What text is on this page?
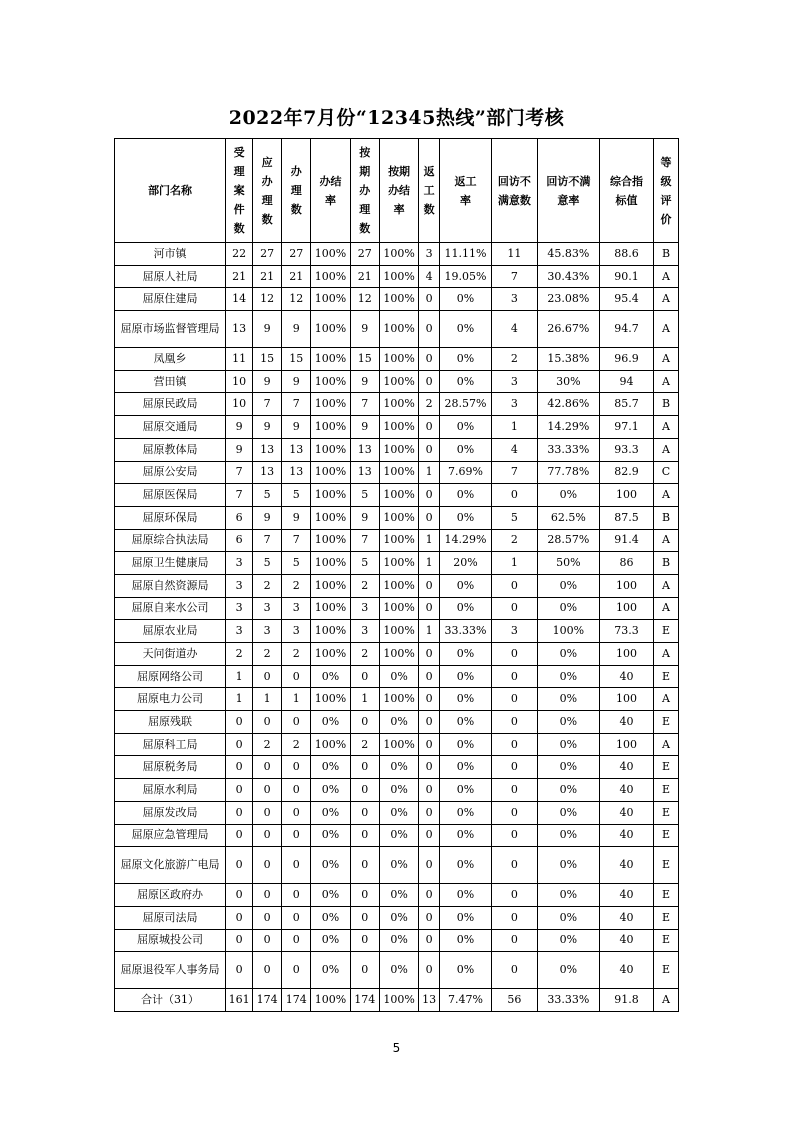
2022年7月份“12345热线”部门考核
部门名称	受理案件数	应办理数	办理数	办结率	按期办理数	按期办结率	返工数	返工率	回访不满意数	回访不满意率	综合指标值	等级评价
河市镇	22	27	27	100%	27	100%	3	11.11%	11	45.83%	88.6	B
屈原人社局	21	21	21	100%	21	100%	4	19.05%	7	30.43%	90.1	A
屈原住建局	14	12	12	100%	12	100%	0	0%	3	23.08%	95.4	A
屈原市场监督管理局	13	9	9	100%	9	100%	0	0%	4	26.67%	94.7	A
凤凰乡	11	15	15	100%	15	100%	0	0%	2	15.38%	96.9	A
营田镇	10	9	9	100%	9	100%	0	0%	3	30%	94	A
屈原民政局	10	7	7	100%	7	100%	2	28.57%	3	42.86%	85.7	B
屈原交通局	9	9	9	100%	9	100%	0	0%	1	14.29%	97.1	A
屈原教体局	9	13	13	100%	13	100%	0	0%	4	33.33%	93.3	A
屈原公安局	7	13	13	100%	13	100%	1	7.69%	7	77.78%	82.9	C
屈原医保局	7	5	5	100%	5	100%	0	0%	0	0%	100	A
屈原环保局	6	9	9	100%	9	100%	0	0%	5	62.5%	87.5	B
屈原综合执法局	6	7	7	100%	7	100%	1	14.29%	2	28.57%	91.4	A
屈原卫生健康局	3	5	5	100%	5	100%	1	20%	1	50%	86	B
屈原自然资源局	3	2	2	100%	2	100%	0	0%	0	0%	100	A
屈原自来水公司	3	3	3	100%	3	100%	0	0%	0	0%	100	A
屈原农业局	3	3	3	100%	3	100%	1	33.33%	3	100%	73.3	E
天问街道办	2	2	2	100%	2	100%	0	0%	0	0%	100	A
屈原网络公司	1	0	0	0%	0	0%	0	0%	0	0%	40	E
屈原电力公司	1	1	1	100%	1	100%	0	0%	0	0%	100	A
屈原残联	0	0	0	0%	0	0%	0	0%	0	0%	40	E
屈原科工局	0	2	2	100%	2	100%	0	0%	0	0%	100	A
屈原税务局	0	0	0	0%	0	0%	0	0%	0	0%	40	E
屈原水利局	0	0	0	0%	0	0%	0	0%	0	0%	40	E
屈原发改局	0	0	0	0%	0	0%	0	0%	0	0%	40	E
屈原应急管理局	0	0	0	0%	0	0%	0	0%	0	0%	40	E
屈原文化旅游广电局	0	0	0	0%	0	0%	0	0%	0	0%	40	E
屈原区政府办	0	0	0	0%	0	0%	0	0%	0	0%	40	E
屈原司法局	0	0	0	0%	0	0%	0	0%	0	0%	40	E
屈原城投公司	0	0	0	0%	0	0%	0	0%	0	0%	40	E
屈原退役军人事务局	0	0	0	0%	0	0%	0	0%	0	0%	40	E
合计（31）	161	174	174	100%	174	100%	13	7.47%	56	33.33%	91.8	A
5
